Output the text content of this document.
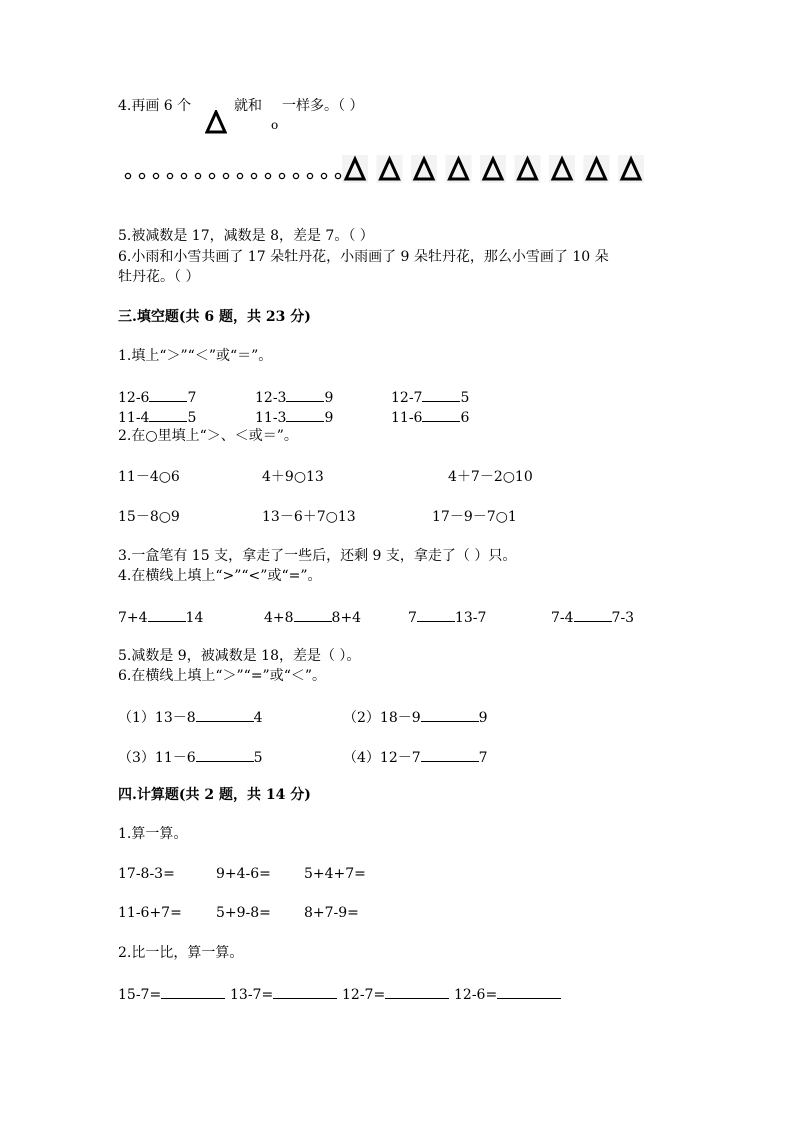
4.再画 6 个	就和
o
一样多。（ ）
5.被减数是 17，减数是 8，差是 7。（ ）
6.小雨和小雪共画了 17 朵牡丹花，小雨画了 9 朵牡丹花，那么小雪画了 10 朵
牡丹花。（ ）
三.填空题(共 6 题，共 23 分)
1.填上“＞”“＜”或“＝”。
12-6	7	12-3	9	12-7	5
11-4	5	11-3	9	11-6	6
2.在○里填上“＞、＜或＝”。
11－4○6	4＋9○13	4＋7－2○10
15－8○9	13－6＋7○13	17－9－7○1
3.一盒笔有 15 支，拿走了一些后，还剩 9 支，拿走了（ ）只。
4.在横线上填上“>”“<”或“=”。
7+4	14	4+8	8+4	7	13-7	7-4	7-3
5.减数是 9，被减数是 18，差是（ ）。
6.在横线上填上“＞”“=”或“＜”。
（1）13－8	4	（2）18－9	9
（3）11－6	5	（4）12－7	7
四.计算题(共 2 题，共 14 分)
1.算一算。
17-8-3=	9+4-6= 5+4+7=
11-6+7= 5+9-8= 8+7-9=
2.比一比，算一算。
15-7=	13-7=	12-7=	12-6=
